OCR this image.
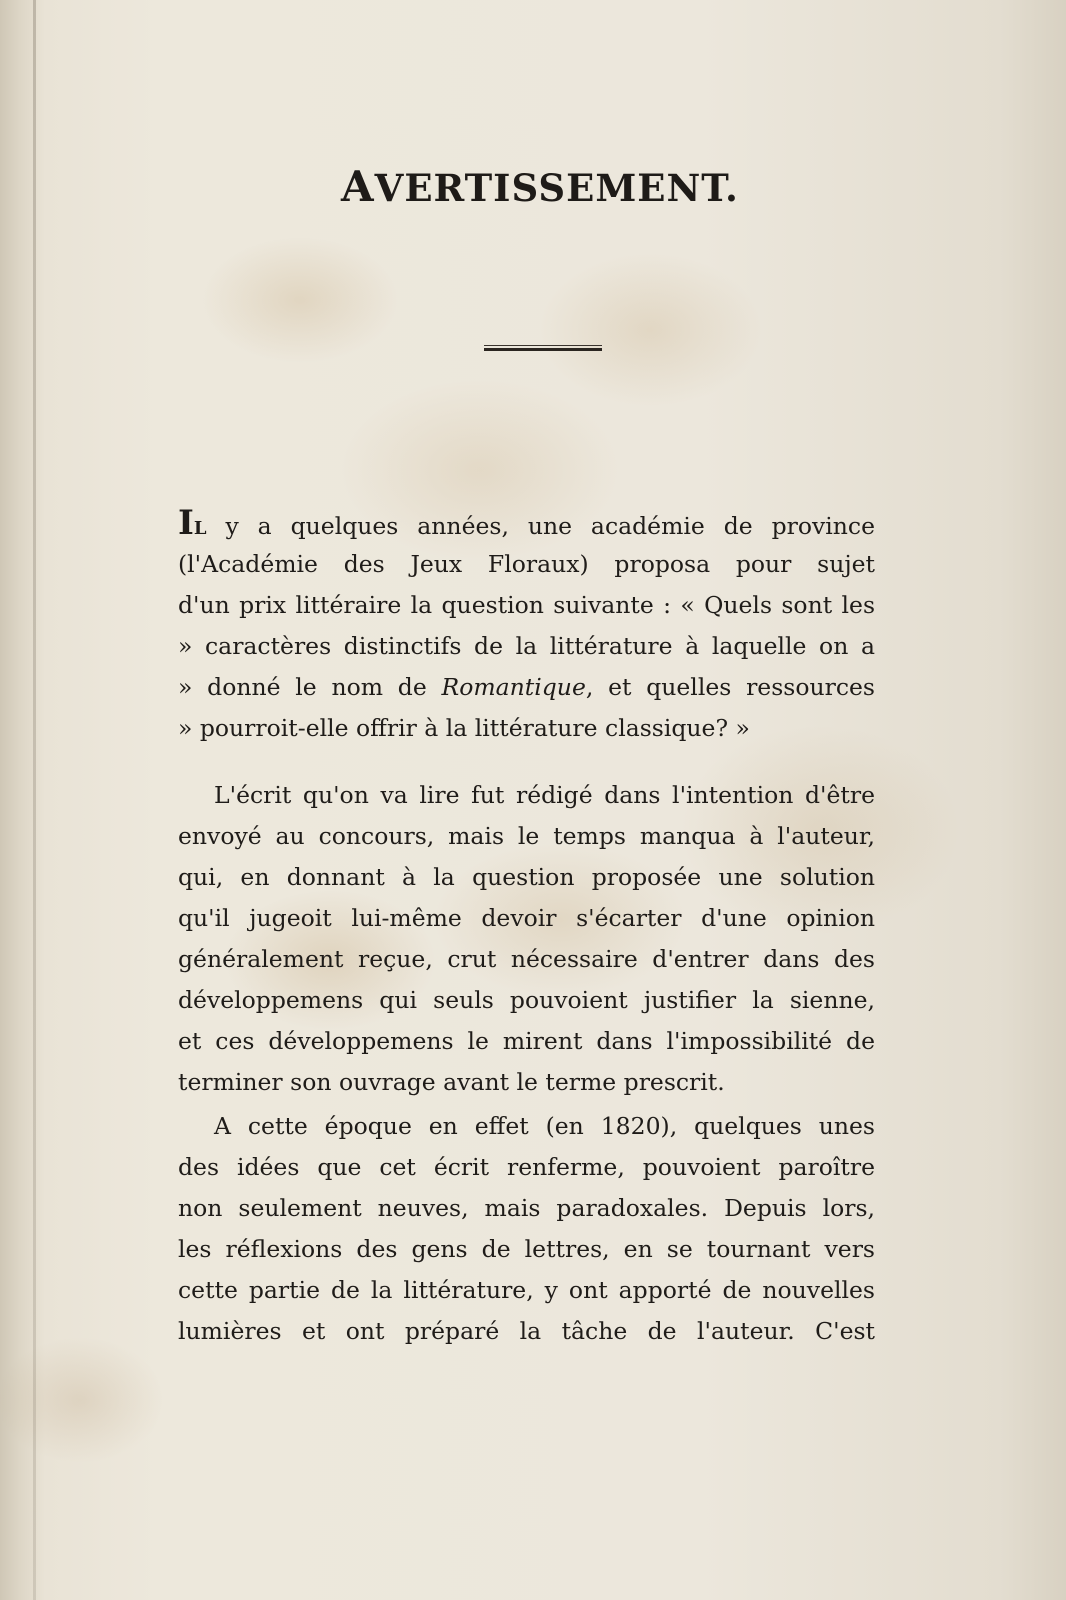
AVERTISSEMENT.
IL y a quelques années, une académie de province
(l'Académie des Jeux Floraux) proposa pour sujet
d'un prix littéraire la question suivante : « Quels sont les
» caractères distinctifs de la littérature à laquelle on a
» donné le nom de Romantique, et quelles ressources
» pourroit-elle offrir à la littérature classique? »
L'écrit qu'on va lire fut rédigé dans l'intention d'être
envoyé au concours, mais le temps manqua à l'auteur,
qui, en donnant à la question proposée une solution
qu'il jugeoit lui-même devoir s'écarter d'une opinion
généralement reçue, crut nécessaire d'entrer dans des
développemens qui seuls pouvoient justifier la sienne,
et ces développemens le mirent dans l'impossibilité de
terminer son ouvrage avant le terme prescrit.
A cette époque en effet (en 1820), quelques unes
des idées que cet écrit renferme, pouvoient paroître
non seulement neuves, mais paradoxales. Depuis lors,
les réflexions des gens de lettres, en se tournant vers
cette partie de la littérature, y ont apporté de nouvelles
lumières et ont préparé la tâche de l'auteur. C'est
